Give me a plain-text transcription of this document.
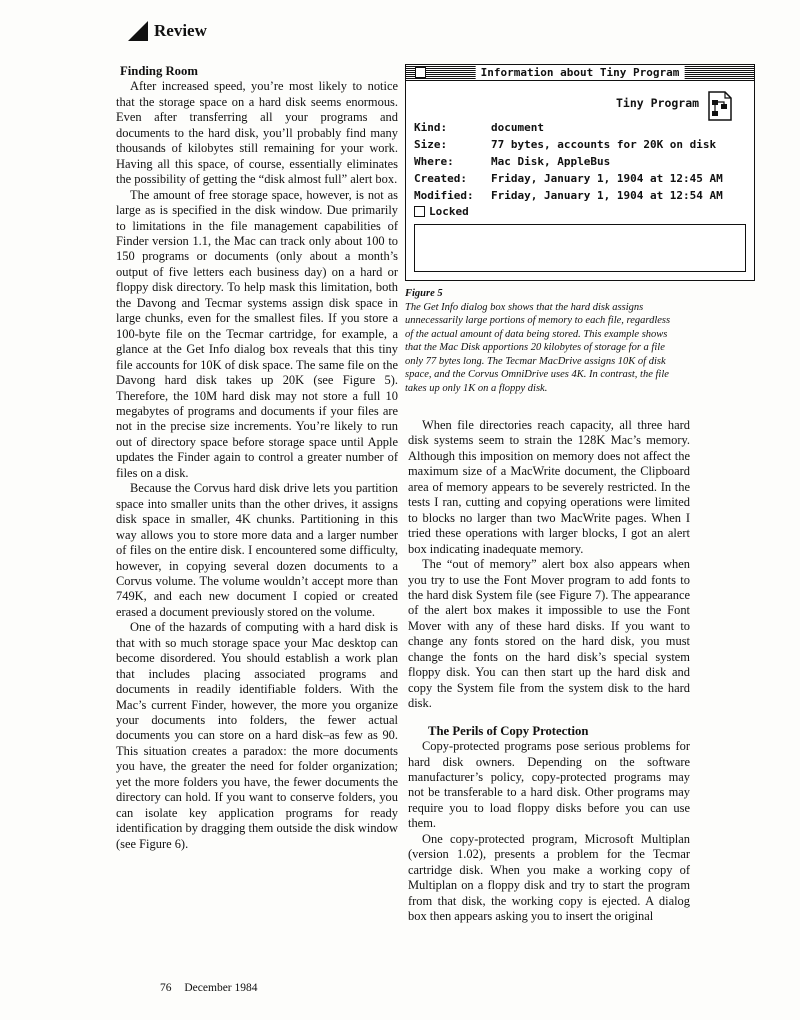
Review
Finding Room

After increased speed, you’re most likely to notice that the storage space on a hard disk seems enormous. Even after transferring all your programs and documents to the hard disk, you’ll probably find many thousands of kilobytes still remaining for your work. Having all this space, of course, essentially eliminates the possibility of getting the “disk almost full” alert box.

The amount of free storage space, however, is not as large as is specified in the disk window. Due primarily to limitations in the file management capabilities of Finder version 1.1, the Mac can track only about 100 to 150 programs or documents (only about a month’s output of five letters each business day) on a hard or floppy disk directory. To help mask this limitation, both the Davong and Tecmar systems assign disk space in large chunks, even for the smallest files. If you store a 100-byte file on the Tecmar cartridge, for example, a glance at the Get Info dialog box reveals that this tiny file accounts for 10K of disk space. The same file on the Davong hard disk takes up 20K (see Figure 5). Therefore, the 10M hard disk may not store a full 10 megabytes of programs and documents if your files are not in the precise size increments. You’re likely to run out of directory space before storage space until Apple updates the Finder again to control a greater number of files on a disk.

Because the Corvus hard disk drive lets you partition space into smaller units than the other drives, it assigns disk space in smaller, 4K chunks. Partitioning in this way allows you to store more data and a larger number of files on the entire disk. I encountered some difficulty, however, in copying several dozen documents to a Corvus volume. The volume wouldn’t accept more than 749K, and each new document I copied or created erased a document previously stored on the volume.

One of the hazards of computing with a hard disk is that with so much storage space your Mac desktop can become disordered. You should establish a work plan that includes placing associated programs and documents in readily identifiable folders. With the Mac’s current Finder, however, the more you organize your documents into folders, the fewer actual documents you can store on a hard disk–as few as 90. This situation creates a paradox: the more documents you have, the greater the need for folder organization; yet the more folders you have, the fewer documents the directory can hold. If you want to conserve folders, you can isolate key application programs for ready identification by dragging them outside the disk window (see Figure 6).

Information about Tiny Program
Tiny Program
Kind:	document
Size:	77 bytes, accounts for 20K on disk
Where:	Mac Disk, AppleBus
Created:	Friday, January 1, 1904 at 12:45 AM
Modified:	Friday, January 1, 1904 at 12:54 AM
Locked
Figure 5

The Get Info dialog box shows that the hard disk assigns unnecessarily large portions of memory to each file, regardless of the actual amount of data being stored. This example shows that the Mac Disk apportions 20 kilobytes of storage for a file only 77 bytes long. The Tecmar MacDrive assigns 10K of disk space, and the Corvus OmniDrive uses 4K. In contrast, the file takes up only 1K on a floppy disk.

When file directories reach capacity, all three hard disk systems seem to strain the 128K Mac’s memory. Although this imposition on memory does not affect the maximum size of a MacWrite document, the Clipboard area of memory appears to be severely restricted. In the tests I ran, cutting and copying operations were limited to blocks no larger than two MacWrite pages. When I tried these operations with larger blocks, I got an alert box indicating inadequate memory.

The “out of memory” alert box also appears when you try to use the Font Mover program to add fonts to the hard disk System file (see Figure 7). The appearance of the alert box makes it impossible to use the Font Mover with any of these hard disks. If you want to change any fonts stored on the hard disk, you must change the fonts on the hard disk’s special system floppy disk. You can then start up the hard disk and copy the System file from the system disk to the hard disk.

The Perils of Copy Protection

Copy-protected programs pose serious problems for hard disk owners. Depending on the software manufacturer’s policy, copy-protected programs may not be transferable to a hard disk. Other programs may require you to load floppy disks before you can use them.

One copy-protected program, Microsoft Multiplan (version 1.02), presents a problem for the Tecmar cartridge disk. When you make a working copy of Multiplan on a floppy disk and try to start the program from that disk, the working copy is ejected. A dialog box then appears asking you to insert the original

76 December 1984
